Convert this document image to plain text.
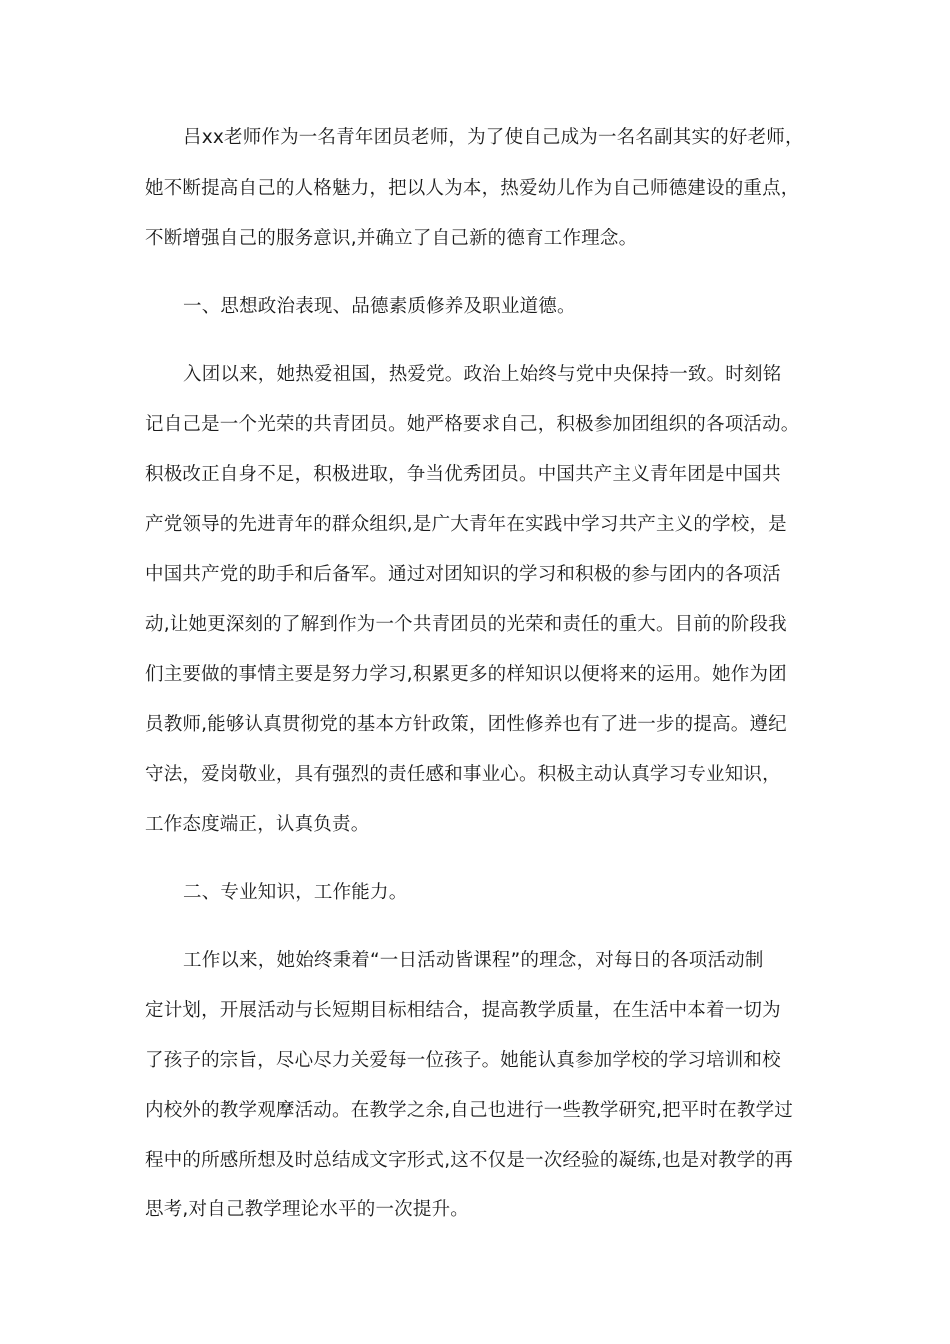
吕xx老师作为一名青年团员老师，为了使自己成为一名名副其实的好老师，

她不断提高自己的人格魅力，把以人为本，热爱幼儿作为自己师德建设的重点，

不断增强自己的服务意识,并确立了自己新的德育工作理念。

一、思想政治表现、品德素质修养及职业道德。

入团以来，她热爱祖国，热爱党。政治上始终与党中央保持一致。时刻铭

记自己是一个光荣的共青团员。她严格要求自己，积极参加团组织的各项活动。

积极改正自身不足，积极进取，争当优秀团员。中国共产主义青年团是中国共

产党领导的先进青年的群众组织,是广大青年在实践中学习共产主义的学校，是

中国共产党的助手和后备军。通过对团知识的学习和积极的参与团内的各项活

动,让她更深刻的了解到作为一个共青团员的光荣和责任的重大。目前的阶段我

们主要做的事情主要是努力学习,积累更多的样知识以便将来的运用。她作为团

员教师,能够认真贯彻党的基本方针政策，团性修养也有了进一步的提高。遵纪

守法，爱岗敬业，具有强烈的责任感和事业心。积极主动认真学习专业知识，

工作态度端正，认真负责。

二、专业知识，工作能力。

工作以来，她始终秉着“一日活动皆课程”的理念，对每日的各项活动制

定计划，开展活动与长短期目标相结合，提高教学质量，在生活中本着一切为

了孩子的宗旨，尽心尽力关爱每一位孩子。她能认真参加学校的学习培训和校

内校外的教学观摩活动。在教学之余,自己也进行一些教学研究,把平时在教学过

程中的所感所想及时总结成文字形式,这不仅是一次经验的凝练,也是对教学的再

思考,对自己教学理论水平的一次提升。
